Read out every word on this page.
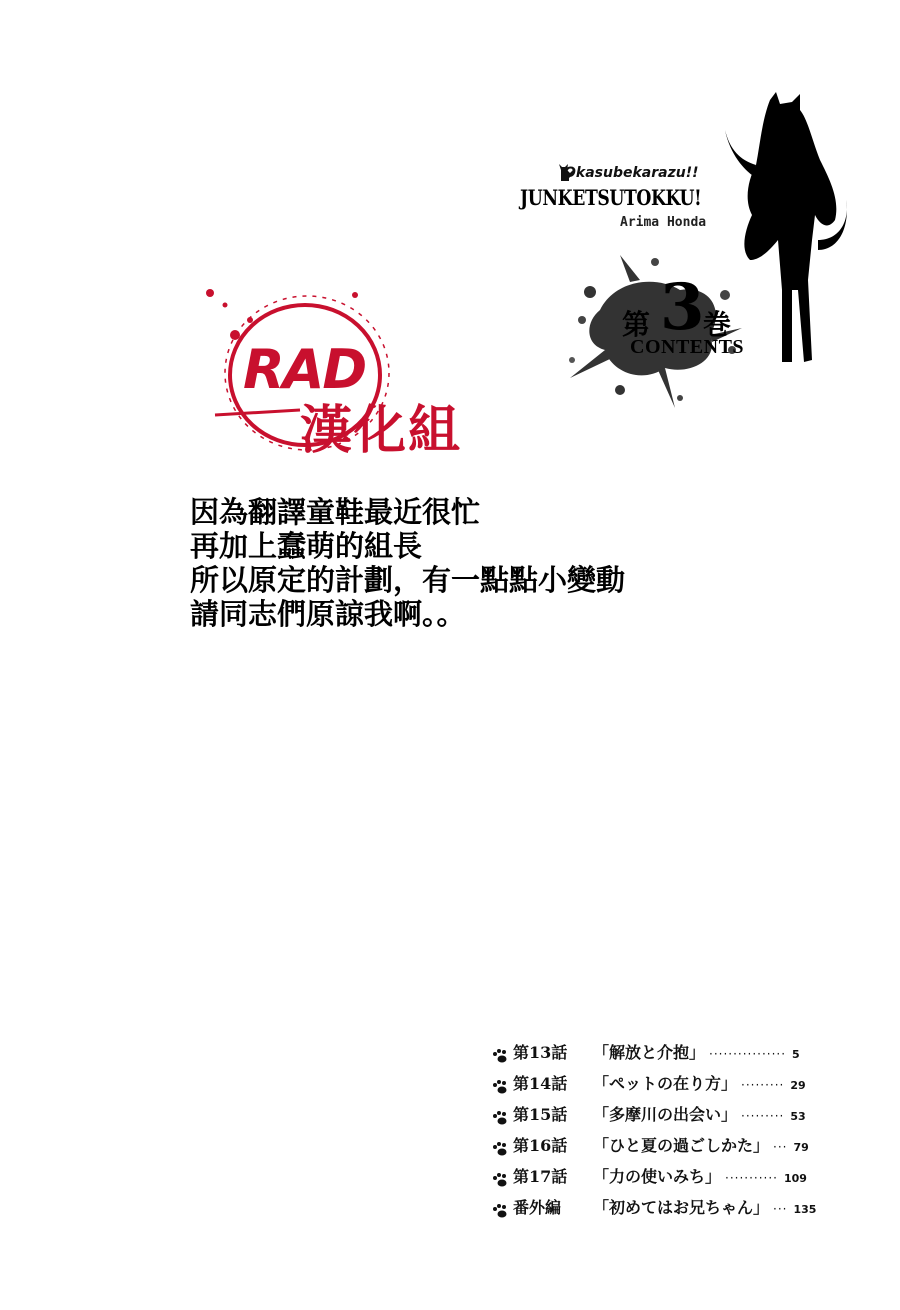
Okasubekarazu!!
JUNKETSUTOKKU!
Arima Honda
第 3
巻
CONTENTS
RAD
漢化組
因為翻譯童鞋最近很忙
再加上蠢萌的組長
所以原定的計劃，有一點點小變動
請同志們原諒我啊。。
第13話	「解放と介抱」 ················ 5
第14話	「ペットの在り方」 ········· 29
第15話	「多摩川の出会い」 ········· 53
第16話	「ひと夏の過ごしかた」 ··· 79
第17話	「力の使いみち」 ··········· 109
番外編	「初めてはお兄ちゃん」 ··· 135
